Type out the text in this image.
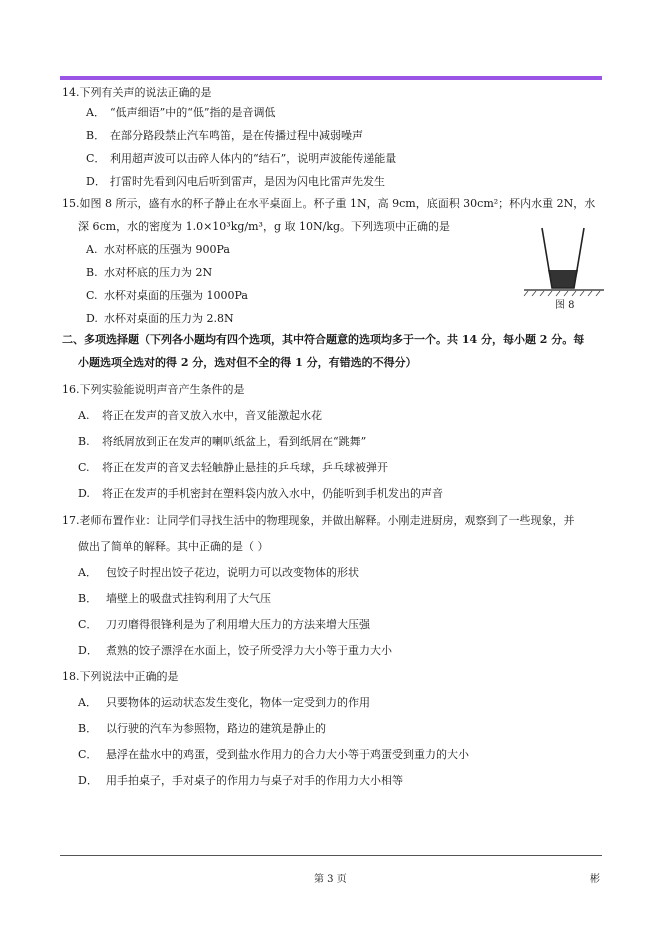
14.下列有关声的说法正确的是
A． “低声细语”中的“低”指的是音调低
B． 在部分路段禁止汽车鸣笛，是在传播过程中减弱噪声
C． 利用超声波可以击碎人体内的“结石”，说明声波能传递能量
D． 打雷时先看到闪电后听到雷声，是因为闪电比雷声先发生
15.如图 8 所示，盛有水的杯子静止在水平桌面上。杯子重 1N，高 9cm，底面积 30cm²；杯内水重 2N，水
深 6cm，水的密度为 1.0×10³kg/m³，g 取 10N/kg。下列选项中正确的是
A. 水对杯底的压强为 900Pa
B. 水对杯底的压力为 2N
C. 水杯对桌面的压强为 1000Pa
D. 水杯对桌面的压力为 2.8N
图 8
二、多项选择题（下列各小题均有四个选项，其中符合题意的选项均多于一个。共 14 分，每小题 2 分。每
小题选项全选对的得 2 分，选对但不全的得 1 分，有错选的不得分）
16.下列实验能说明声音产生条件的是
A. 将正在发声的音叉放入水中，音叉能激起水花
B. 将纸屑放到正在发声的喇叭纸盆上，看到纸屑在“跳舞”
C. 将正在发声的音叉去轻触静止悬挂的乒乓球，乒乓球被弹开
D. 将正在发声的手机密封在塑料袋内放入水中，仍能听到手机发出的声音
17.老师布置作业：让同学们寻找生活中的物理现象，并做出解释。小刚走进厨房，观察到了一些现象，并
做出了简单的解释。其中正确的是（ ）
A． 包饺子时捏出饺子花边，说明力可以改变物体的形状
B． 墙壁上的吸盘式挂钩利用了大气压
C． 刀刃磨得很锋利是为了利用增大压力的方法来增大压强
D． 煮熟的饺子漂浮在水面上，饺子所受浮力大小等于重力大小
18.下列说法中正确的是
A． 只要物体的运动状态发生变化，物体一定受到力的作用
B． 以行驶的汽车为参照物，路边的建筑是静止的
C． 悬浮在盐水中的鸡蛋，受到盐水作用力的合力大小等于鸡蛋受到重力的大小
D． 用手拍桌子，手对桌子的作用力与桌子对手的作用力大小相等
第 3 页	彬
